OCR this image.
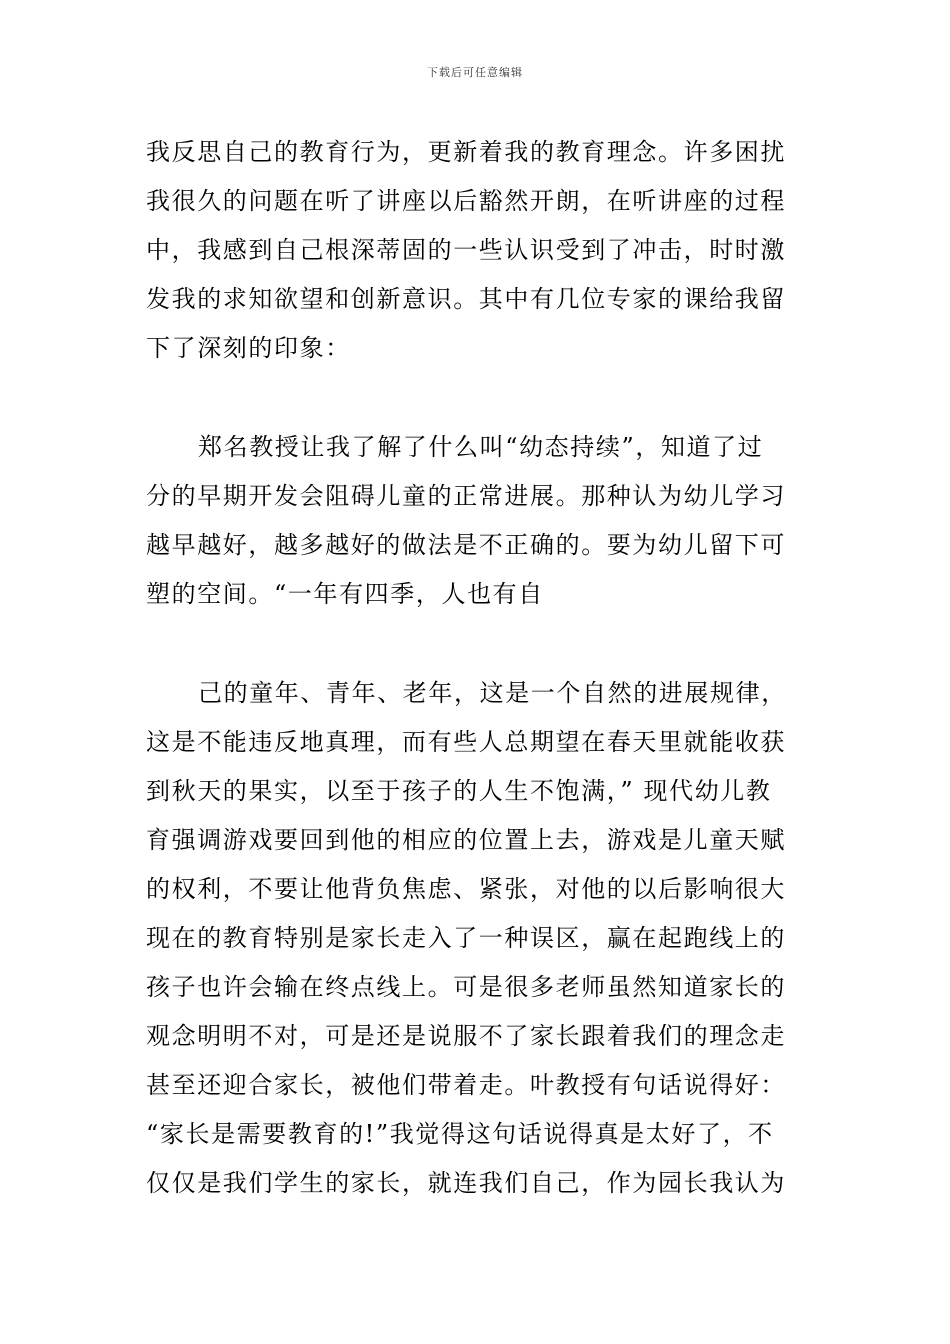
下载后可任意编辑
我反思自己的教育行为，更新着我的教育理念。许多困扰
我很久的问题在听了讲座以后豁然开朗，在听讲座的过程
中，我感到自己根深蒂固的一些认识受到了冲击，时时激
发我的求知欲望和创新意识。其中有几位专家的课给我留
下了深刻的印象：
郑名教授让我了解了什么叫“幼态持续”，知道了过
分的早期开发会阻碍儿童的正常进展。那种认为幼儿学习
越早越好，越多越好的做法是不正确的。要为幼儿留下可
塑的空间。“一年有四季，人也有自
己的童年、青年、老年，这是一个自然的进展规律，
这是不能违反地真理，而有些人总期望在春天里就能收获
到秋天的果实，以至于孩子的人生不饱满，” 现代幼儿教
育强调游戏要回到他的相应的位置上去，游戏是儿童天赋
的权利，不要让他背负焦虑、紧张，对他的以后影响很大
现在的教育特别是家长走入了一种误区，赢在起跑线上的
孩子也许会输在终点线上。可是很多老师虽然知道家长的
观念明明不对，可是还是说服不了家长跟着我们的理念走
甚至还迎合家长，被他们带着走。叶教授有句话说得好：
“家长是需要教育的!”我觉得这句话说得真是太好了，不
仅仅是我们学生的家长，就连我们自己，作为园长我认为
